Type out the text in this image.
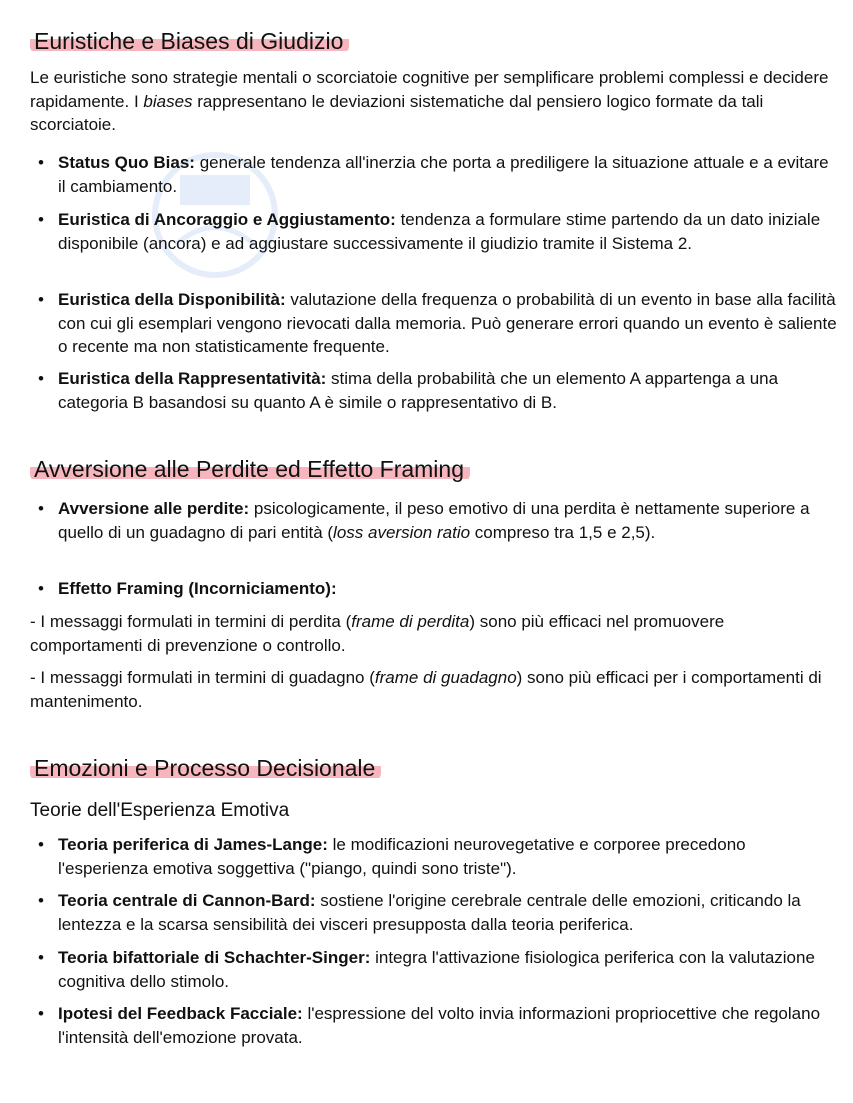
Euristiche e Biases di Giudizio

Le euristiche sono strategie mentali o scorciatoie cognitive per semplificare problemi complessi e decidere rapidamente. I biases rappresentano le deviazioni sistematiche dal pensiero logico formate da tali scorciatoie.

• Status Quo Bias: generale tendenza all'inerzia che porta a prediligere la situazione attuale e a evitare il cambiamento.

• Euristica di Ancoraggio e Aggiustamento: tendenza a formulare stime partendo da un dato iniziale disponibile (ancora) e ad aggiustare successivamente il giudizio tramite il Sistema 2.

• Euristica della Disponibilità: valutazione della frequenza o probabilità di un evento in base alla facilità con cui gli esemplari vengono rievocati dalla memoria. Può generare errori quando un evento è saliente o recente ma non statisticamente frequente.

• Euristica della Rappresentatività: stima della probabilità che un elemento A appartenga a una categoria B basandosi su quanto A è simile o rappresentativo di B.

Avversione alle Perdite ed Effetto Framing

• Avversione alle perdite: psicologicamente, il peso emotivo di una perdita è nettamente superiore a quello di un guadagno di pari entità (loss aversion ratio compreso tra 1,5 e 2,5).

• Effetto Framing (Incorniciamento):

- I messaggi formulati in termini di perdita (frame di perdita) sono più efficaci nel promuovere comportamenti di prevenzione o controllo.

- I messaggi formulati in termini di guadagno (frame di guadagno) sono più efficaci per i comportamenti di mantenimento.

Emozioni e Processo Decisionale

Teorie dell'Esperienza Emotiva

• Teoria periferica di James-Lange: le modificazioni neurovegetative e corporee precedono l'esperienza emotiva soggettiva ("piango, quindi sono triste").

• Teoria centrale di Cannon-Bard: sostiene l'origine cerebrale centrale delle emozioni, criticando la lentezza e la scarsa sensibilità dei visceri presupposta dalla teoria periferica.

• Teoria bifattoriale di Schachter-Singer: integra l'attivazione fisiologica periferica con la valutazione cognitiva dello stimolo.

• Ipotesi del Feedback Facciale: l'espressione del volto invia informazioni propriocettive che regolano l'intensità dell'emozione provata.
